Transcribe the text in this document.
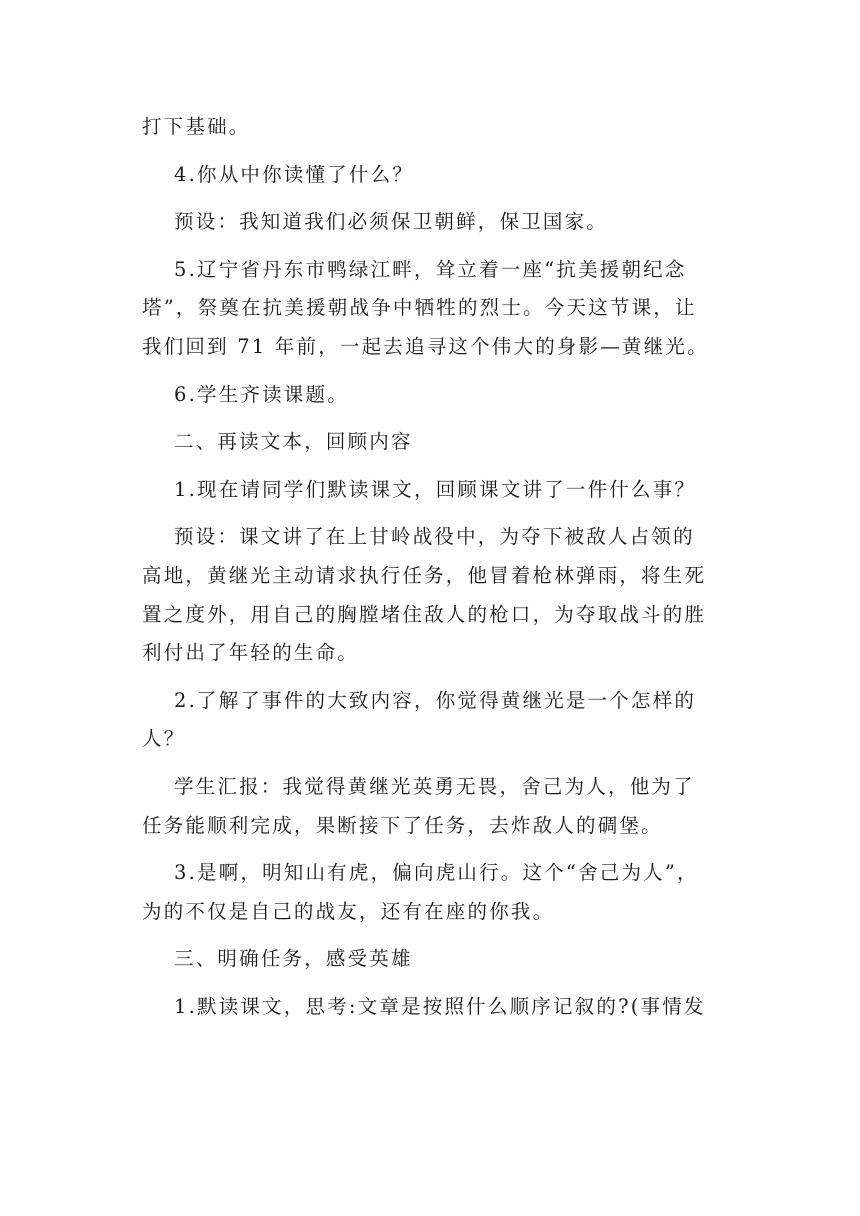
打下基础。
4.你从中你读懂了什么？
预设：我知道我们必须保卫朝鲜，保卫国家。
5.辽宁省丹东市鸭绿江畔，耸立着一座“抗美援朝纪念
塔”，祭奠在抗美援朝战争中牺牲的烈士。今天这节课，让
我们回到 71 年前，一起去追寻这个伟大的身影—黄继光。
6.学生齐读课题。
二、再读文本，回顾内容
1.现在请同学们默读课文，回顾课文讲了一件什么事？
预设：课文讲了在上甘岭战役中，为夺下被敌人占领的
高地，黄继光主动请求执行任务，他冒着枪林弹雨，将生死
置之度外，用自己的胸膛堵住敌人的枪口，为夺取战斗的胜
利付出了年轻的生命。
2.了解了事件的大致内容，你觉得黄继光是一个怎样的
人？
学生汇报：我觉得黄继光英勇无畏，舍己为人，他为了
任务能顺利完成，果断接下了任务，去炸敌人的碉堡。
3.是啊，明知山有虎，偏向虎山行。这个“舍己为人”，
为的不仅是自己的战友，还有在座的你我。
三、明确任务，感受英雄
1.默读课文，思考:文章是按照什么顺序记叙的?(事情发
